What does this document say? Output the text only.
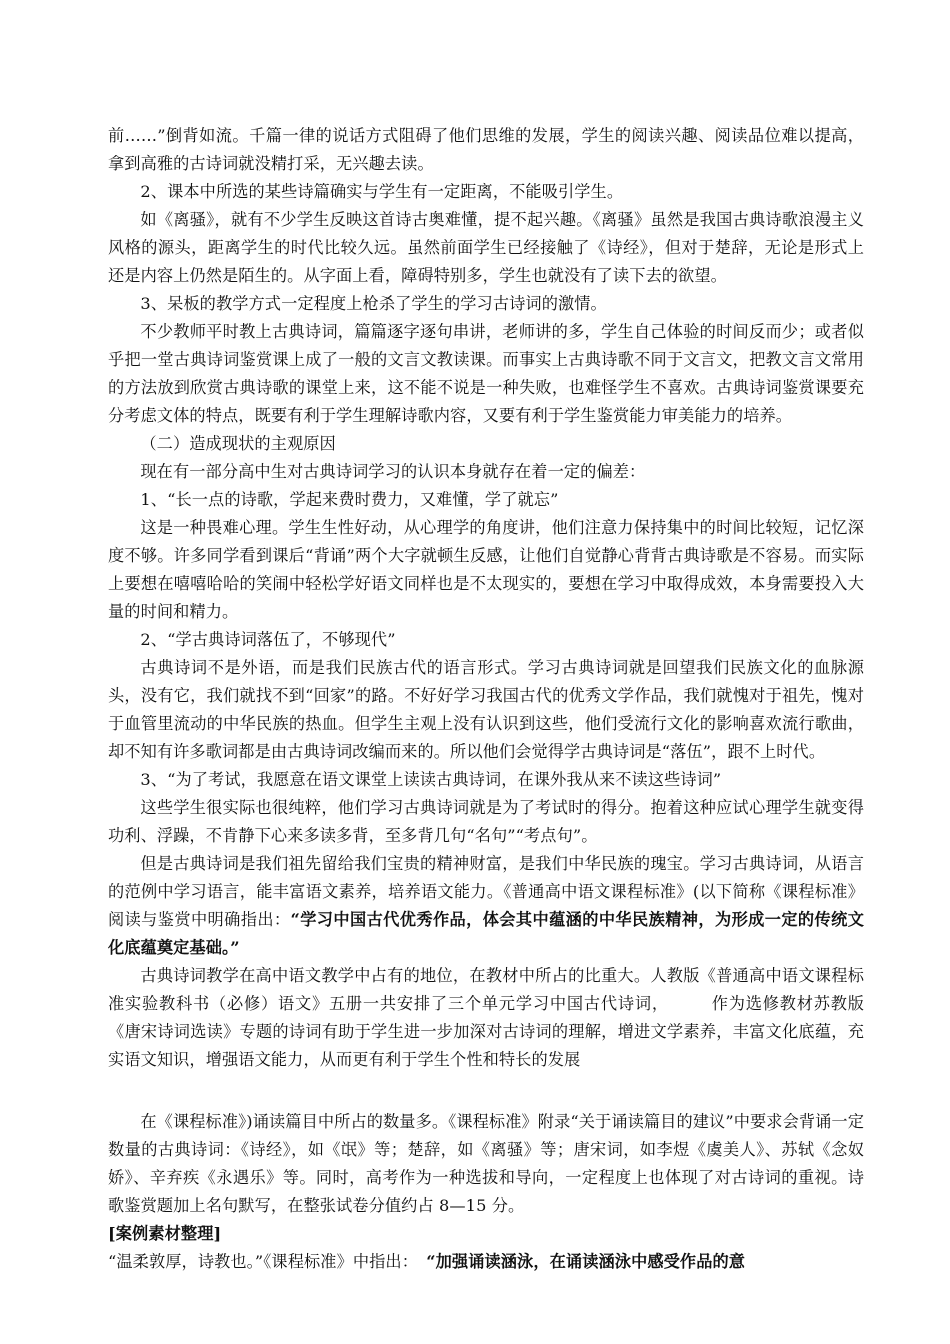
前……”倒背如流。千篇一律的说话方式阻碍了他们思维的发展，学生的阅读兴趣、阅读品位难以提高，拿到高雅的古诗词就没精打采，无兴趣去读。

2、课本中所选的某些诗篇确实与学生有一定距离，不能吸引学生。

如《离骚》，就有不少学生反映这首诗古奥难懂，提不起兴趣。《离骚》虽然是我国古典诗歌浪漫主义风格的源头，距离学生的时代比较久远。虽然前面学生已经接触了《诗经》，但对于楚辞，无论是形式上还是内容上仍然是陌生的。从字面上看，障碍特别多，学生也就没有了读下去的欲望。

3、呆板的教学方式一定程度上枪杀了学生的学习古诗词的激情。

不少教师平时教上古典诗词，篇篇逐字逐句串讲，老师讲的多，学生自己体验的时间反而少；或者似乎把一堂古典诗词鉴赏课上成了一般的文言文教读课。而事实上古典诗歌不同于文言文，把教文言文常用的方法放到欣赏古典诗歌的课堂上来，这不能不说是一种失败，也难怪学生不喜欢。古典诗词鉴赏课要充分考虑文体的特点，既要有利于学生理解诗歌内容，又要有利于学生鉴赏能力审美能力的培养。

（二）造成现状的主观原因

现在有一部分高中生对古典诗词学习的认识本身就存在着一定的偏差：

1、“长一点的诗歌，学起来费时费力，又难懂，学了就忘”

这是一种畏难心理。学生生性好动，从心理学的角度讲，他们注意力保持集中的时间比较短，记忆深度不够。许多同学看到课后“背诵”两个大字就顿生反感，让他们自觉静心背背古典诗歌是不容易。而实际上要想在嘻嘻哈哈的笑闹中轻松学好语文同样也是不太现实的，要想在学习中取得成效，本身需要投入大量的时间和精力。

2、“学古典诗词落伍了，不够现代”

古典诗词不是外语，而是我们民族古代的语言形式。学习古典诗词就是回望我们民族文化的血脉源头，没有它，我们就找不到“回家”的路。不好好学习我国古代的优秀文学作品，我们就愧对于祖先，愧对于血管里流动的中华民族的热血。但学生主观上没有认识到这些，他们受流行文化的影响喜欢流行歌曲，却不知有许多歌词都是由古典诗词改编而来的。所以他们会觉得学古典诗词是“落伍”，跟不上时代。

3、“为了考试，我愿意在语文课堂上读读古典诗词，在课外我从来不读这些诗词”

这些学生很实际也很纯粹，他们学习古典诗词就是为了考试时的得分。抱着这种应试心理学生就变得功利、浮躁，不肯静下心来多读多背，至多背几句“名句”“考点句”。

但是古典诗词是我们祖先留给我们宝贵的精神财富，是我们中华民族的瑰宝。学习古典诗词，从语言的范例中学习语言，能丰富语文素养，培养语文能力。《普通高中语文课程标准》(以下简称《课程标准》阅读与鉴赏中明确指出：“学习中国古代优秀作品，体会其中蕴涵的中华民族精神，为形成一定的传统文化底蕴奠定基础。”

古典诗词教学在高中语文教学中占有的地位，在教材中所占的比重大。人教版《普通高中语文课程标准实验教科书（必修）语文》五册一共安排了三个单元学习中国古代诗词，　　　作为选修教材苏教版《唐宋诗词选读》专题的诗词有助于学生进一步加深对古诗词的理解，增进文学素养，丰富文化底蕴，充实语文知识，增强语文能力，从而更有利于学生个性和特长的发展

在《课程标准》)诵读篇目中所占的数量多。《课程标准》附录“关于诵读篇目的建议”中要求会背诵一定数量的古典诗词：《诗经》，如《氓》等；楚辞，如《离骚》等；唐宋词，如李煜《虞美人》、苏轼《念奴娇》、辛弃疾《永遇乐》等。同时，高考作为一种选拔和导向，一定程度上也体现了对古诗词的重视。诗歌鉴赏题加上名句默写，在整张试卷分值约占 8—15 分。

[案例素材整理]

“温柔敦厚，诗教也。”《课程标准》中指出：　“加强诵读涵泳，在诵读涵泳中感受作品的意
